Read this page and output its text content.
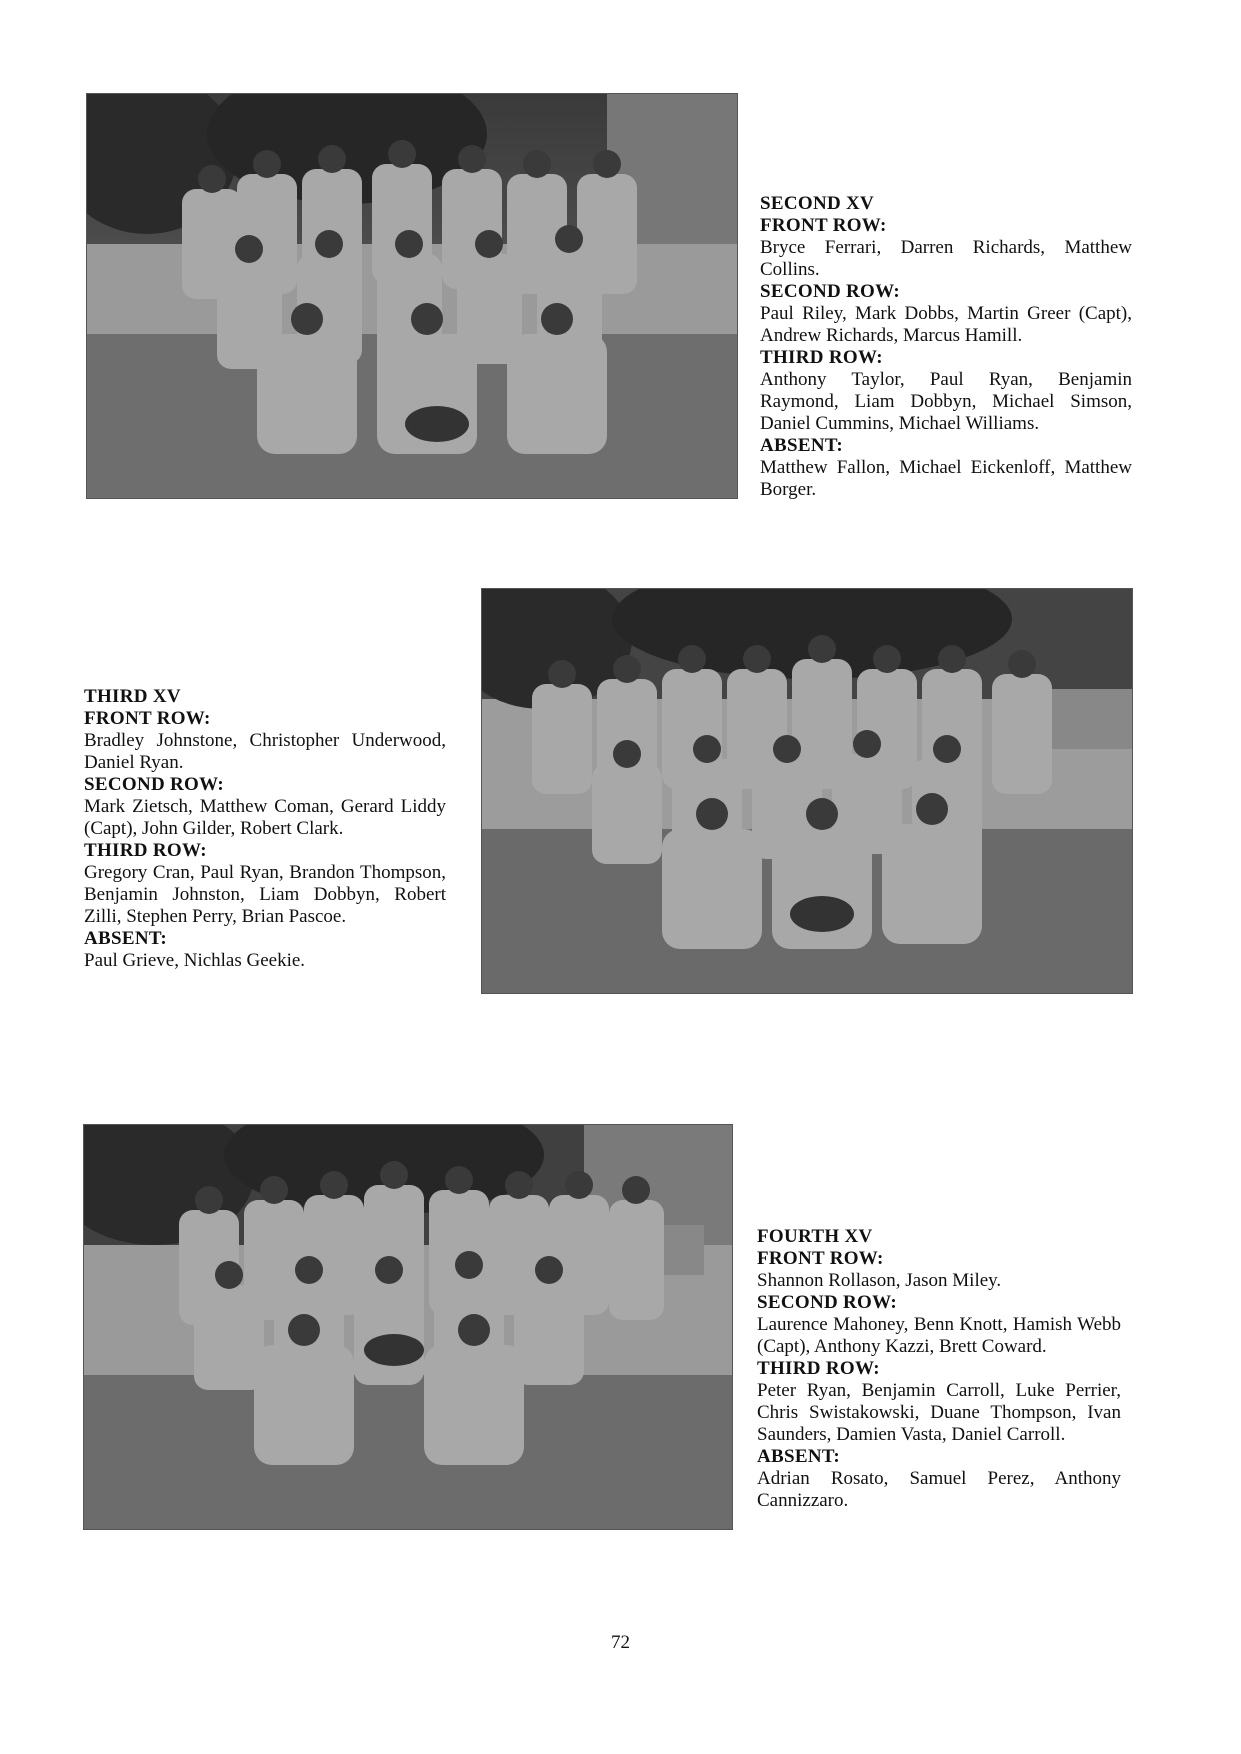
SECOND XV
FRONT ROW:
Bryce Ferrari, Darren Richards, Matthew Collins.
SECOND ROW:
Paul Riley, Mark Dobbs, Martin Greer (Capt), Andrew Richards, Marcus Hamill.
THIRD ROW:
Anthony Taylor, Paul Ryan, Benjamin Raymond, Liam Dobbyn, Michael Simson, Daniel Cummins, Michael Williams.
ABSENT:
Matthew Fallon, Michael Eickenloff, Matthew Borger.
THIRD XV
FRONT ROW:
Bradley Johnstone, Christopher Underwood, Daniel Ryan.
SECOND ROW:
Mark Zietsch, Matthew Coman, Gerard Liddy (Capt), John Gilder, Robert Clark.
THIRD ROW:
Gregory Cran, Paul Ryan, Brandon Thompson, Benjamin Johnston, Liam Dobbyn, Robert Zilli, Stephen Perry, Brian Pascoe.
ABSENT:
Paul Grieve, Nichlas Geekie.
FOURTH XV
FRONT ROW:
Shannon Rollason, Jason Miley.
SECOND ROW:
Laurence Mahoney, Benn Knott, Hamish Webb (Capt), Anthony Kazzi, Brett Coward.
THIRD ROW:
Peter Ryan, Benjamin Carroll, Luke Perrier, Chris Swistakowski, Duane Thompson, Ivan Saunders, Damien Vasta, Daniel Carroll.
ABSENT:
Adrian Rosato, Samuel Perez, Anthony Cannizzaro.
72
